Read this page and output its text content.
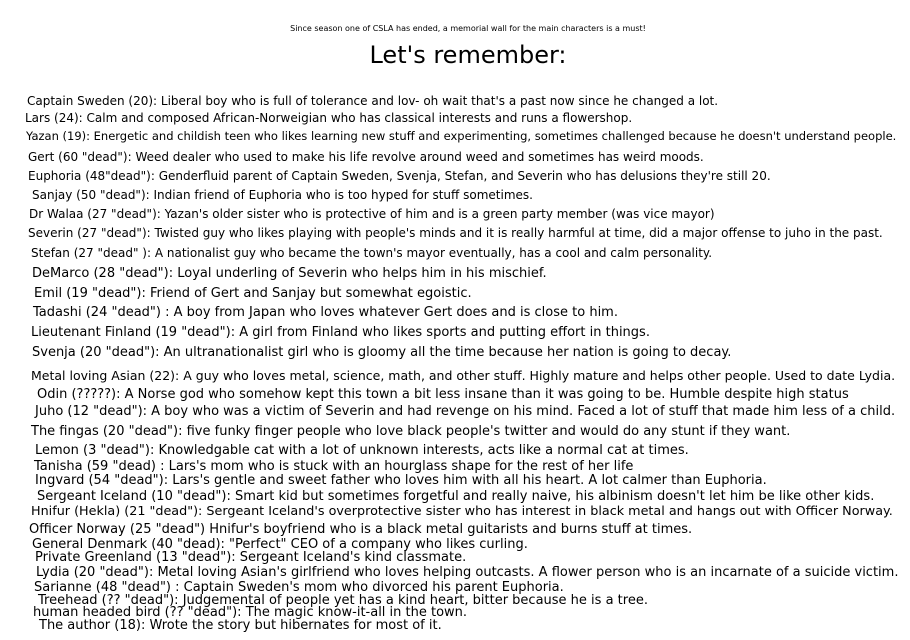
Since season one of CSLA has ended, a memorial wall for the main characters is a must!
Let's remember:
Captain Sweden (20): Liberal boy who is full of tolerance and lov- oh wait that's a past now since he changed a lot.
Lars (24): Calm and composed African-Norweigian who has classical interests and runs a flowershop.
Yazan (19): Energetic and childish teen who likes learning new stuff and experimenting, sometimes challenged because he doesn't understand people.
Gert (60 "dead"): Weed dealer who used to make his life revolve around weed and sometimes has weird moods.
Euphoria (48"dead"): Genderfluid parent of Captain Sweden, Svenja, Stefan, and Severin who has delusions they're still 20.
Sanjay (50 "dead"): Indian friend of Euphoria who is too hyped for stuff sometimes.
Dr Walaa (27 "dead"): Yazan's older sister who is protective of him and is a green party member (was vice mayor)
Severin (27 "dead"): Twisted guy who likes playing with people's minds and it is really harmful at time, did a major offense to juho in the past.
Stefan (27 "dead" ): A nationalist guy who became the town's mayor eventually, has a cool and calm personality.
DeMarco (28 "dead"): Loyal underling of Severin who helps him in his mischief.
Emil (19 "dead"): Friend of Gert and Sanjay but somewhat egoistic.
Tadashi (24 "dead") : A boy from Japan who loves whatever Gert does and is close to him.
Lieutenant Finland (19 "dead"): A girl from Finland who likes sports and putting effort in things.
Svenja (20 "dead"): An ultranationalist girl who is gloomy all the time because her nation is going to decay.
Metal loving Asian (22): A guy who loves metal, science, math, and other stuff. Highly mature and helps other people. Used to date Lydia.
Odin (?????): A Norse god who somehow kept this town a bit less insane than it was going to be. Humble despite high status
Juho (12 "dead"): A boy who was a victim of Severin and had revenge on his mind. Faced a lot of stuff that made him less of a child.
The fingas (20 "dead"): five funky finger people who love black people's twitter and would do any stunt if they want.
Lemon (3 "dead"): Knowledgable cat with a lot of unknown interests, acts like a normal cat at times.
Tanisha (59 "dead) : Lars's mom who is stuck with an hourglass shape for the rest of her life
Ingvard (54 "dead"): Lars's gentle and sweet father who loves him with all his heart. A lot calmer than Euphoria.
Sergeant Iceland (10 "dead"): Smart kid but sometimes forgetful and really naive, his albinism doesn't let him be like other kids.
Hnifur (Hekla) (21 "dead"): Sergeant Iceland's overprotective sister who has interest in black metal and hangs out with Officer Norway.
Officer Norway (25 "dead") Hnifur's boyfriend who is a black metal guitarists and burns stuff at times.
General Denmark (40 "dead): "Perfect" CEO of a company who likes curling.
Private Greenland (13 "dead"): Sergeant Iceland's kind classmate.
Lydia (20 "dead"): Metal loving Asian's girlfriend who loves helping outcasts. A flower person who is an incarnate of a suicide victim.
Sarianne (48 "dead") : Captain Sweden's mom who divorced his parent Euphoria.
Treehead (?? "dead"): Judgemental of people yet has a kind heart, bitter because he is a tree.
human headed bird (?? "dead"): The magic know-it-all in the town.
The author (18): Wrote the story but hibernates for most of it.
